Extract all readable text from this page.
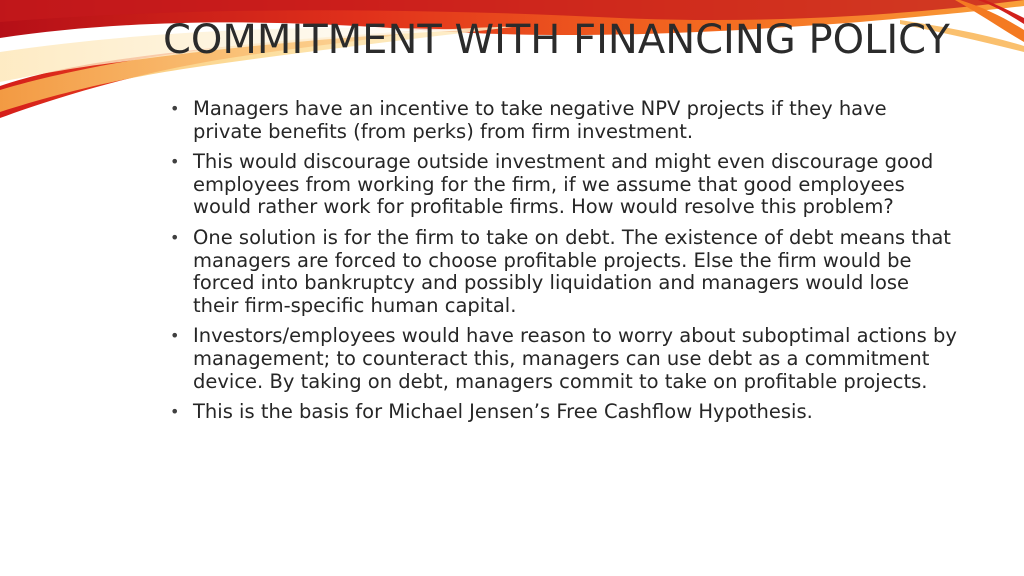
COMMITMENT WITH FINANCING POLICY
• Managers have an incentive to take negative NPV projects if they have private benefits (from perks) from firm investment.
• This would discourage outside investment and might even discourage good employees from working for the firm, if we assume that good employees would rather work for profitable firms. How would resolve this problem?
• One solution is for the firm to take on debt. The existence of debt means that managers are forced to choose profitable projects. Else the firm would be forced into bankruptcy and possibly liquidation and managers would lose their firm-specific human capital.
• Investors/employees would have reason to worry about suboptimal actions by management; to counteract this, managers can use debt as a commitment device. By taking on debt, managers commit to take on profitable projects.
• This is the basis for Michael Jensen’s Free Cashflow Hypothesis.
